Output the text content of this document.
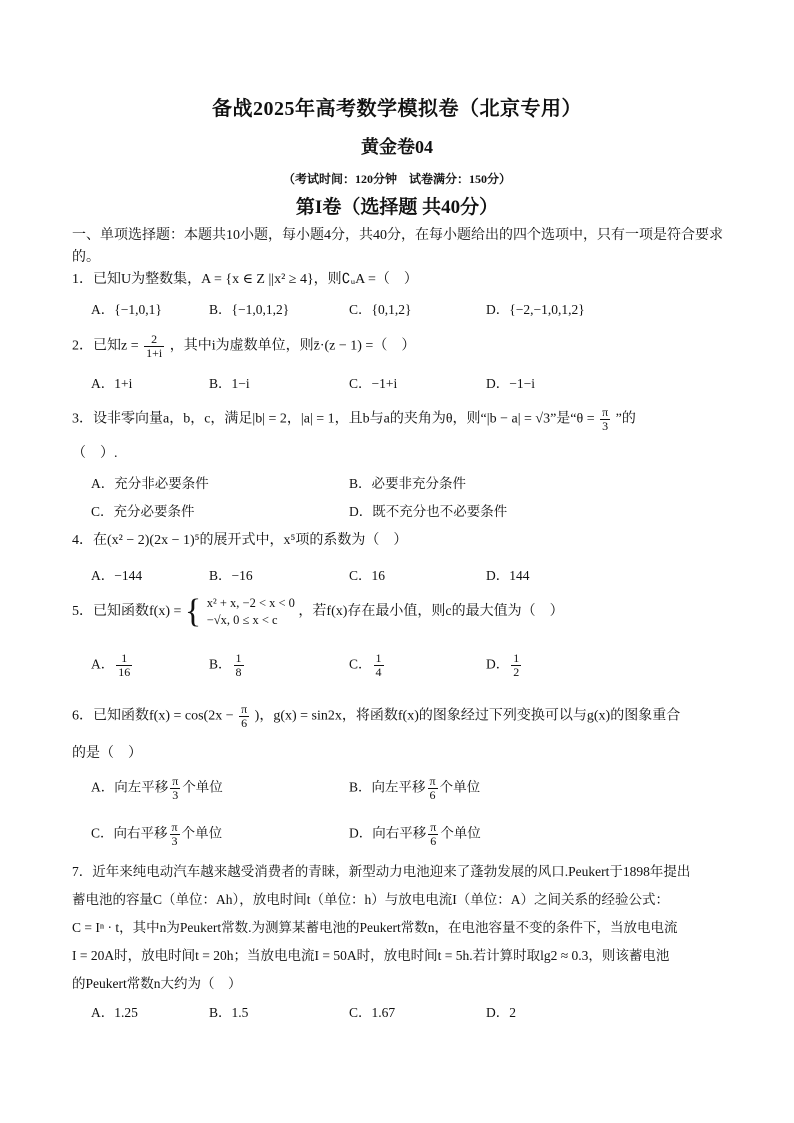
备战2025年高考数学模拟卷（北京专用）
黄金卷04
（考试时间：120分钟　试卷满分：150分）
第I卷（选择题 共40分）
一、单项选择题：本题共10小题，每小题4分，共40分，在每小题给出的四个选项中，只有一项是符合要求的。
1．已知U为整数集，A = {x ∈ Z ||x² ≥ 4}，则∁ᵤA =（　）
A．{−1,0,1}	B．{−1,0,1,2}	C．{0,1,2}	D．{−2,−1,0,1,2}
2．已知$z = \frac{2}{1+i}$ ，其中i为虚数单位，则z̄·(z − 1) =（　）
A．1+i	B．1−i	C．−1+i	D．−1−i
3．设非零向量a，b，c，满足|b| = 2，|a| = 1，且b与a的夹角为θ，则“|b − a| = √3”是“$\theta = \frac{\pi}{3}$ ”的
（　）.
A．充分非必要条件	B．必要非充分条件
C．充分必要条件	D．既不充分也不必要条件
4．在(x² − 2)(2x − 1)⁵的展开式中，x⁵项的系数为（　）
A．−144	B．−16	C．16	D．144
5．已知函数f(x) = { x² + x, −2 < x < 0
−√x, 0 ≤ x < c
，若f(x)存在最小值，则c的最大值为（　）
A． $\frac{1}{16}$	B． $\frac{1}{8}$	C． $\frac{1}{4}$	D． $\frac{1}{2}$
6．已知函数$f(x) = \cos(2x - \frac{\pi}{6}$ )，g(x) = sin2x，将函数f(x)的图象经过下列变换可以与g(x)的图象重合
的是（　）
A．向左平移 $\frac{\pi}{3}$ 个单位	B．向左平移 $\frac{\pi}{6}$ 个单位
C．向右平移 $\frac{\pi}{3}$ 个单位	D．向右平移 $\frac{\pi}{6}$ 个单位
7．近年来纯电动汽车越来越受消费者的青睐，新型动力电池迎来了蓬勃发展的风口.Peukert于1898年提出
蓄电池的容量C（单位：Ah），放电时间t（单位：h）与放电电流I（单位：A）之间关系的经验公式：
C = Iⁿ · t，其中n为Peukert常数.为测算某蓄电池的Peukert常数n，在电池容量不变的条件下，当放电电流
I = 20A时，放电时间t = 20h；当放电电流I = 50A时，放电时间t = 5h.若计算时取lg2 ≈ 0.3，则该蓄电池
的Peukert常数n大约为（　）
A．1.25	B．1.5	C．1.67	D．2
